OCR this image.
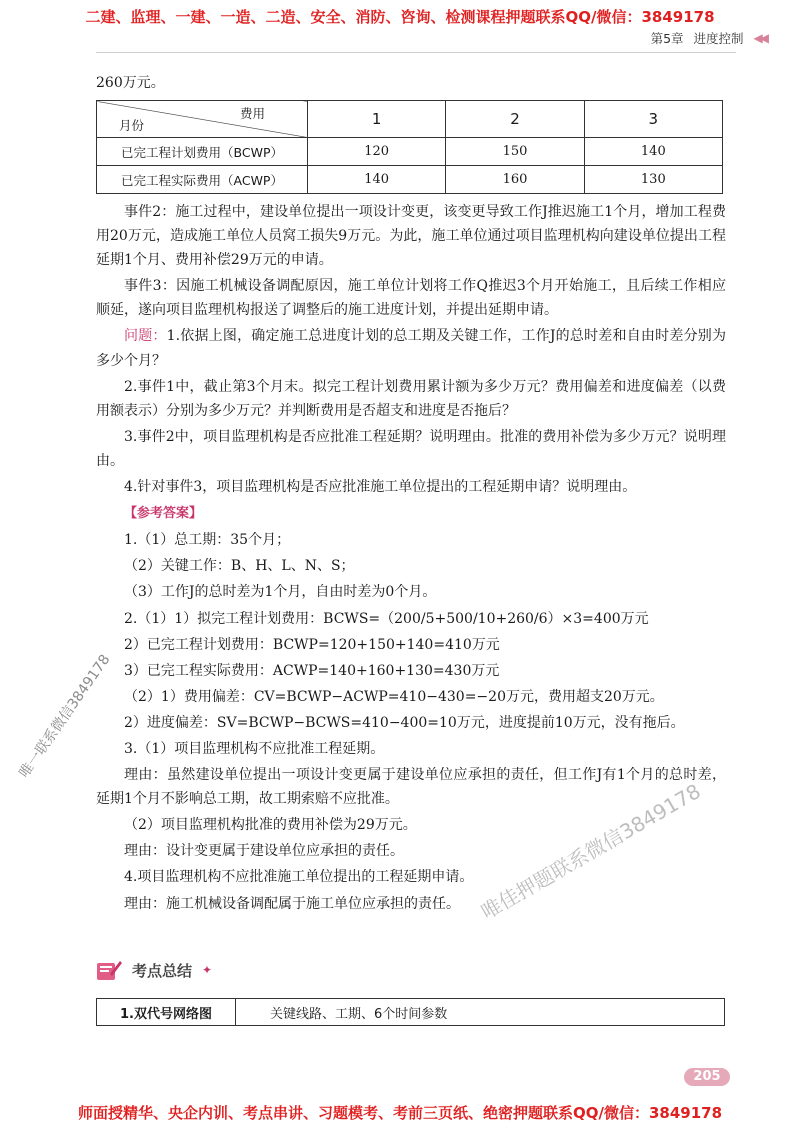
二建、监理、一建、一造、二造、安全、消防、咨询、检测课程押题联系QQ/微信：3849178
第5章 进度控制 ◀◀
260万元。
费用
月份	1	2	3
已完工程计划费用（BCWP）	120	150	140
已完工程实际费用（ACWP）	140	160	130

事件2：施工过程中，建设单位提出一项设计变更，该变更导致工作J推迟施工1个月，增加工程费用20万元，造成施工单位人员窝工损失9万元。为此，施工单位通过项目监理机构向建设单位提出工程延期1个月、费用补偿29万元的申请。

事件3：因施工机械设备调配原因，施工单位计划将工作Q推迟3个月开始施工，且后续工作相应顺延，遂向项目监理机构报送了调整后的施工进度计划，并提出延期申请。

问题：1.依据上图，确定施工总进度计划的总工期及关键工作，工作J的总时差和自由时差分别为多少个月？

2.事件1中，截止第3个月末。拟完工程计划费用累计额为多少万元？费用偏差和进度偏差（以费用额表示）分别为多少万元？并判断费用是否超支和进度是否拖后？

3.事件2中，项目监理机构是否应批准工程延期？说明理由。批准的费用补偿为多少万元？说明理由。

4.针对事件3，项目监理机构是否应批准施工单位提出的工程延期申请？说明理由。

【参考答案】

1.（1）总工期：35个月；

（2）关键工作：B、H、L、N、S；

（3）工作J的总时差为1个月，自由时差为0个月。

2.（1）1）拟完工程计划费用：BCWS=（200/5+500/10+260/6）×3=400万元

2）已完工程计划费用：BCWP=120+150+140=410万元

3）已完工程实际费用：ACWP=140+160+130=430万元

（2）1）费用偏差：CV=BCWP−ACWP=410−430=−20万元，费用超支20万元。

2）进度偏差：SV=BCWP−BCWS=410−400=10万元，进度提前10万元，没有拖后。

3.（1）项目监理机构不应批准工程延期。

理由：虽然建设单位提出一项设计变更属于建设单位应承担的责任，但工作J有1个月的总时差，延期1个月不影响总工期，故工期索赔不应批准。

（2）项目监理机构批准的费用补偿为29万元。

理由：设计变更属于建设单位应承担的责任。

4.项目监理机构不应批准施工单位提出的工程延期申请。

理由：施工机械设备调配属于施工单位应承担的责任。

考点总结 ✦
1.双代号网络图	关键线路、工期、6个时间参数
205
唯一联系微信3849178
唯佳押题联系微信3849178
师面授精华、央企内训、考点串讲、习题模考、考前三页纸、绝密押题联系QQ/微信：3849178
